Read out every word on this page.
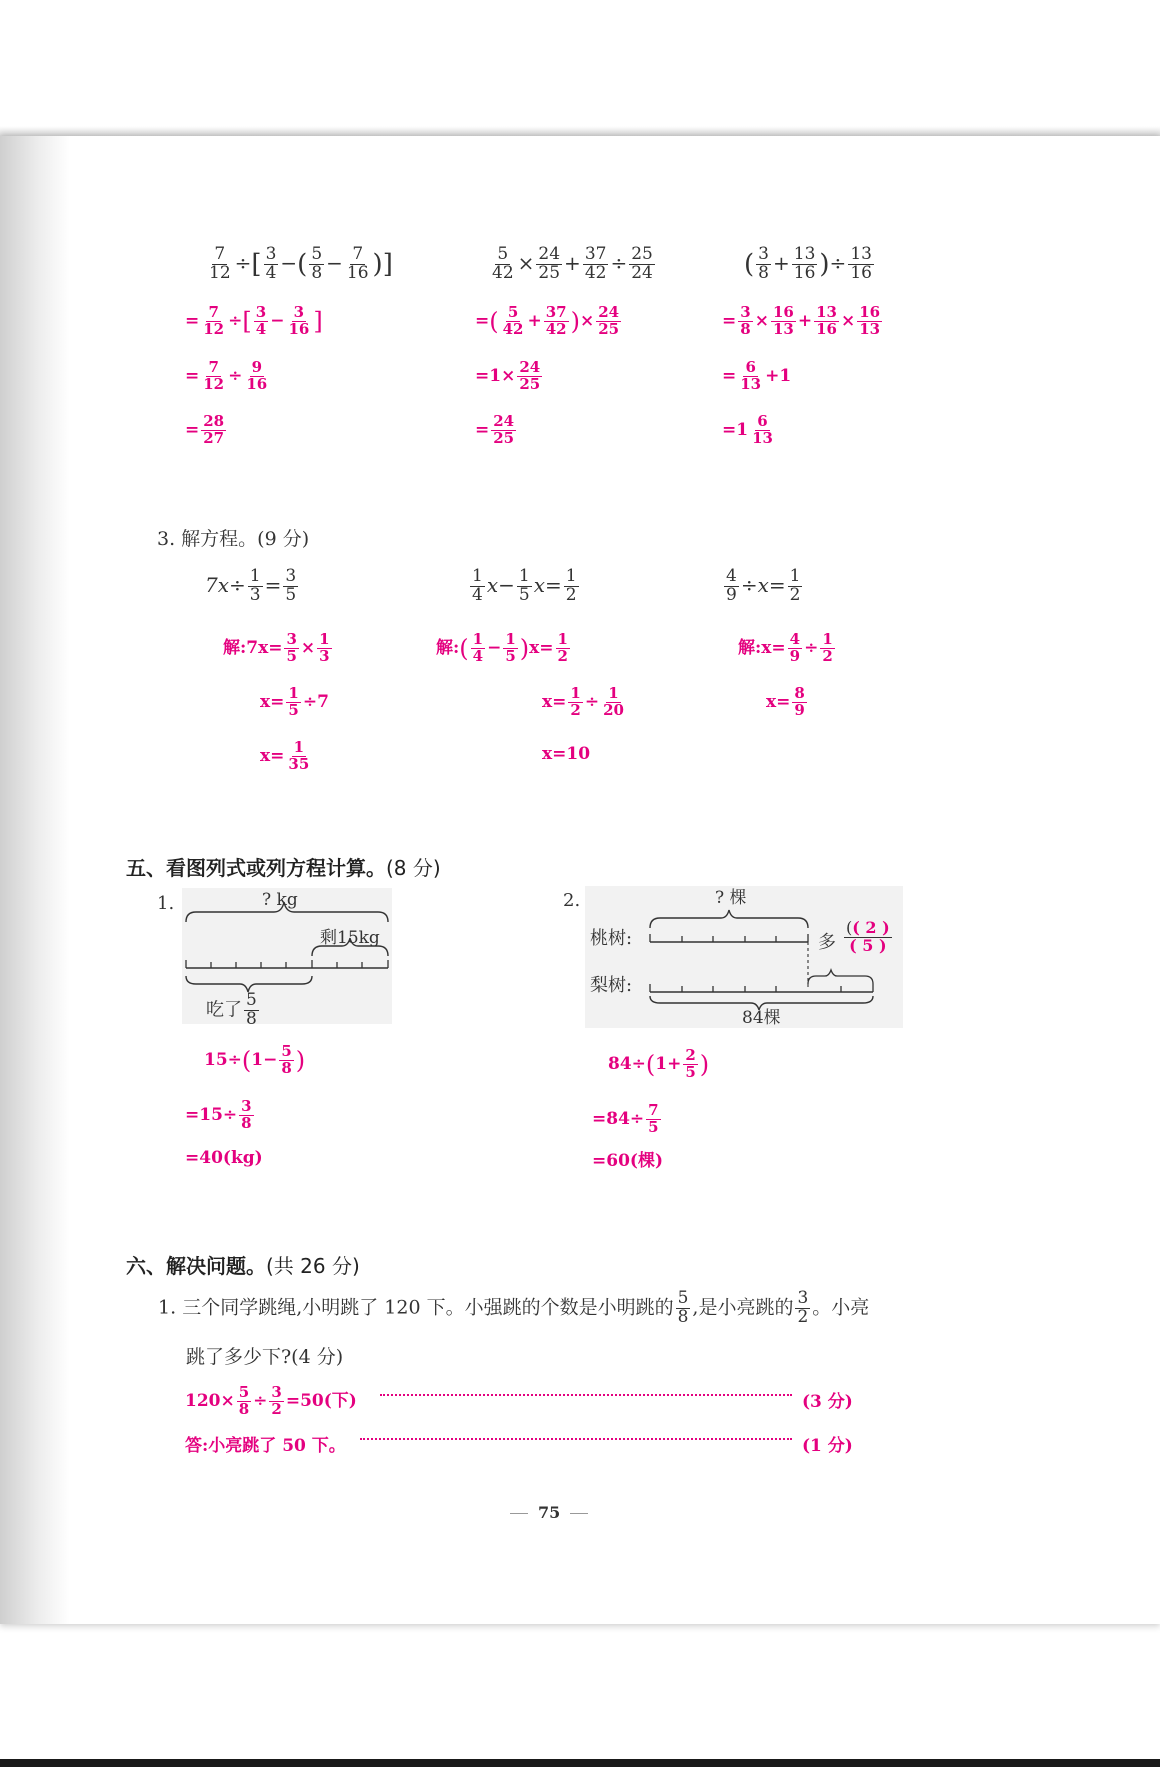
$\frac{7}{12}$ ÷[ $\frac{3}{4}$ −( $\frac{5}{8} - \frac{7}{16}$ )]
= $\frac{7}{12}$ ÷[ $\frac{3}{4} - \frac{3}{16}$ ]
= $\frac{7}{12} \div \frac{9}{16}$
= $\frac{28}{27}$
$\frac{5}{42} \times \frac{24}{25} + \frac{37}{42} \div \frac{25}{24}$
=( $\frac{5}{42} + \frac{37}{42}$ )× $\frac{24}{25}$
$=1\times \frac{24}{25}$
= $\frac{24}{25}$
( $\frac{3}{8} + \frac{13}{16}$ )÷ $\frac{13}{16}$
= $\frac{3}{8} \times \frac{16}{13} + \frac{13}{16} \times \frac{16}{13}$
= $\frac{6}{13} +1$
$=1 \frac{6}{13}$
3. 解方程。(9 分)
$7x\div \frac{1}{3} = \frac{3}{5}$
解:7x= $\frac{3}{5} \times \frac{1}{3}$
$x= \frac{1}{5} \div 7$
$x= \frac{1}{35}$
$\frac{1}{4} x- \frac{1}{5} x= \frac{1}{2}$
解:( $\frac{1}{4} - \frac{1}{5} )x= \frac{1}{2}$
$x= \frac{1}{2} \div \frac{1}{20}$
x=10
$\frac{4}{9} \div x= \frac{1}{2}$
解:x= $\frac{4}{9} \div \frac{1}{2}$
$x= \frac{8}{9}$
五、看图列式或列方程计算。(8 分)
1.	? kg
剩15kg
吃了 $\frac{5}{8}$
$15\div(1- \frac{5}{8}$ )
$=15\div \frac{3}{8}$
=40(kg)
2.	? 棵
桃树:
梨树:
多 $\frac{(( 2 )}{( 5 )}$
84棵
$84\div(1+ \frac{2}{5}$ )
$=84\div \frac{7}{5}$
=60(棵)
六、解决问题。(共 26 分)
1. 三个同学跳绳,小明跳了 120 下。小强跳的个数是小明跳的 $\frac{5}{8}$ ,是小亮跳的 $\frac{3}{2}$ 。小亮
跳了多少下?(4 分)
$120\times \frac{5}{8} \div \frac{3}{2} =50$(下)	(3 分)
答:小亮跳了 50 下。	(1 分)
75
